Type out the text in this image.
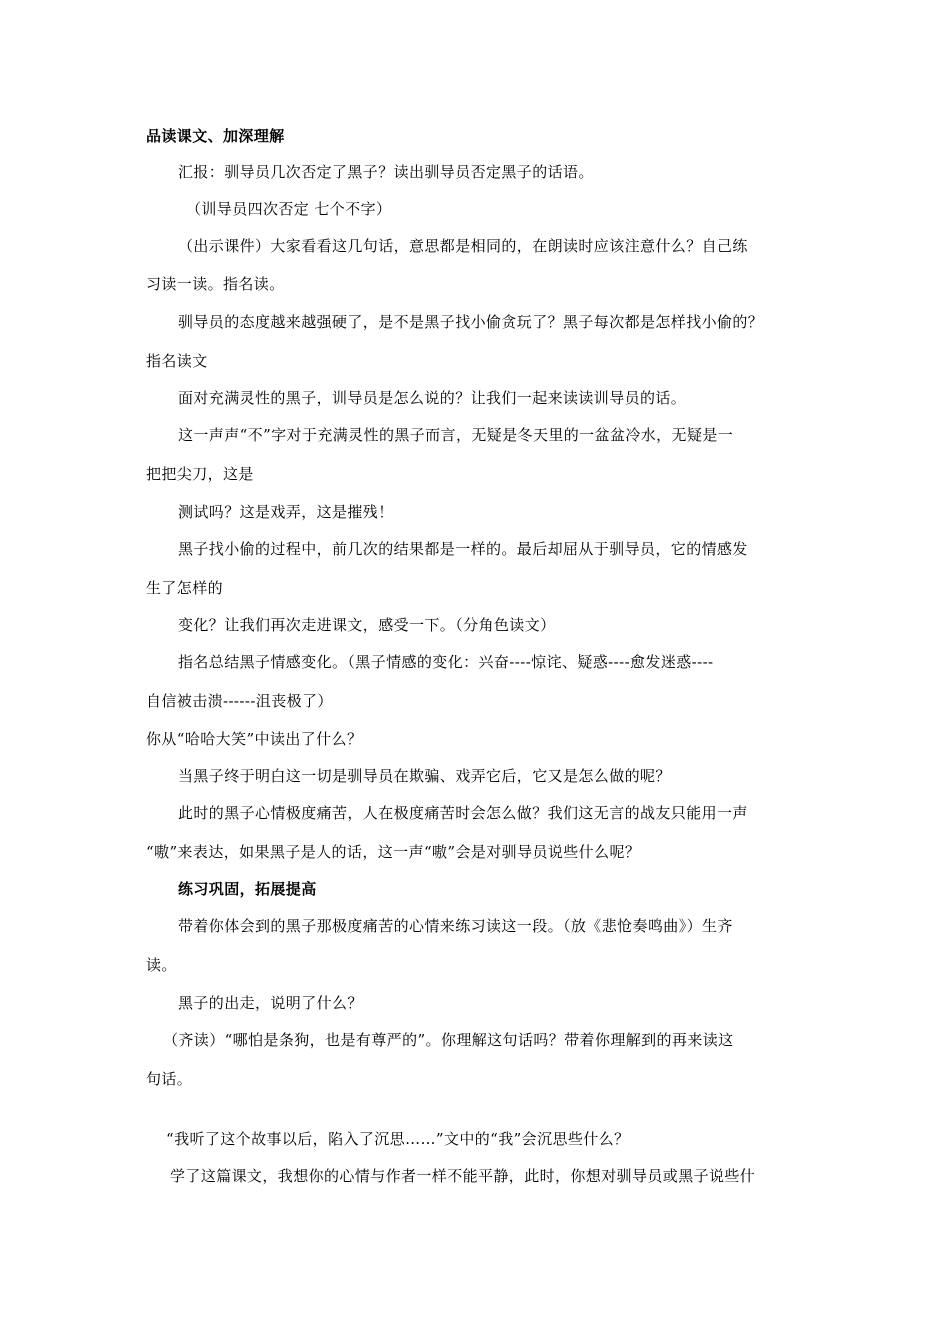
品读课文、加深理解
汇报：驯导员几次否定了黑子？读出驯导员否定黑子的话语。
（训导员四次否定 七个不字）
（出示课件）大家看看这几句话，意思都是相同的，在朗读时应该注意什么？自己练
习读一读。指名读。
驯导员的态度越来越强硬了，是不是黑子找小偷贪玩了？黑子每次都是怎样找小偷的？
指名读文
面对充满灵性的黑子，训导员是怎么说的？让我们一起来读读训导员的话。
这一声声“不”字对于充满灵性的黑子而言，无疑是冬天里的一盆盆冷水，无疑是一
把把尖刀，这是
测试吗？这是戏弄，这是摧残！
黑子找小偷的过程中，前几次的结果都是一样的。最后却屈从于驯导员，它的情感发
生了怎样的
变化？让我们再次走进课文，感受一下。（分角色读文）
指名总结黑子情感变化。（黑子情感的变化：兴奋----惊诧、疑惑----愈发迷惑----
自信被击溃------沮丧极了）
你从“哈哈大笑”中读出了什么？
当黑子终于明白这一切是驯导员在欺骗、戏弄它后，它又是怎么做的呢？
此时的黑子心情极度痛苦，人在极度痛苦时会怎么做？我们这无言的战友只能用一声
“嗷”来表达，如果黑子是人的话，这一声“嗷”会是对驯导员说些什么呢？
练习巩固，拓展提高
带着你体会到的黑子那极度痛苦的心情来练习读这一段。（放《悲怆奏鸣曲》）生齐
读。
黑子的出走，说明了什么？
（齐读）“哪怕是条狗，也是有尊严的”。你理解这句话吗？带着你理解到的再来读这
句话。
“我听了这个故事以后，陷入了沉思……”文中的“我”会沉思些什么？
学了这篇课文，我想你的心情与作者一样不能平静，此时，你想对驯导员或黑子说些什
